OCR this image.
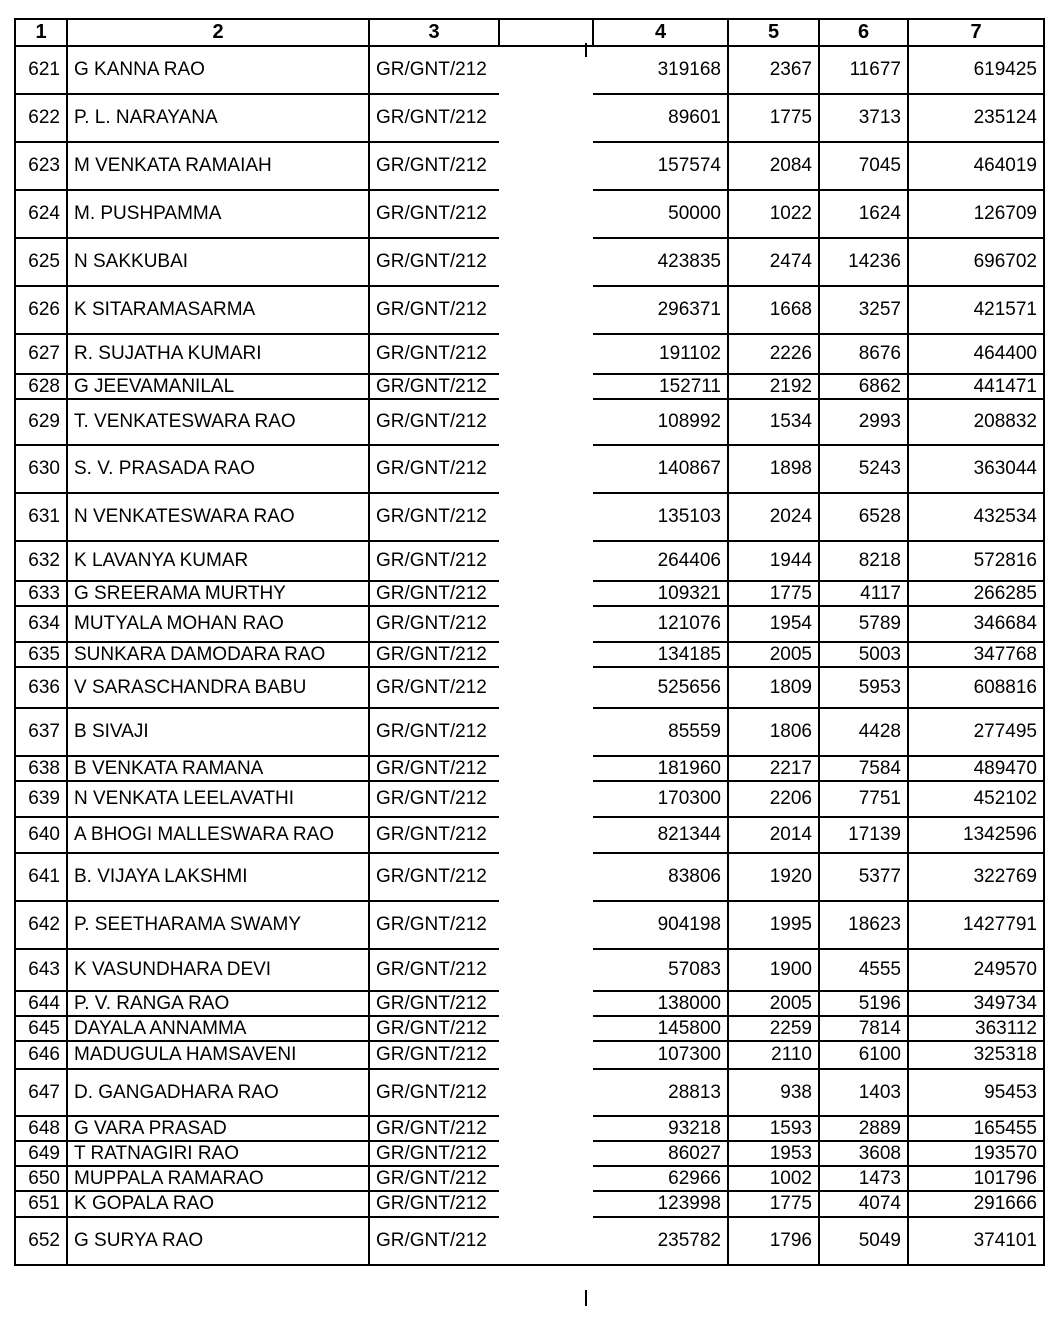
1	2	3		4	5	6	7
621	G KANNA RAO	GR/GNT/212		319168	2367	11677	619425
622	P. L. NARAYANA	GR/GNT/212		89601	1775	3713	235124
623	M VENKATA RAMAIAH	GR/GNT/212		157574	2084	7045	464019
624	M. PUSHPAMMA	GR/GNT/212		50000	1022	1624	126709
625	N SAKKUBAI	GR/GNT/212		423835	2474	14236	696702
626	K SITARAMASARMA	GR/GNT/212		296371	1668	3257	421571
627	R. SUJATHA KUMARI	GR/GNT/212		191102	2226	8676	464400
628	G JEEVAMANILAL	GR/GNT/212		152711	2192	6862	441471
629	T. VENKATESWARA RAO	GR/GNT/212		108992	1534	2993	208832
630	S. V. PRASADA RAO	GR/GNT/212		140867	1898	5243	363044
631	N VENKATESWARA RAO	GR/GNT/212		135103	2024	6528	432534
632	K LAVANYA KUMAR	GR/GNT/212		264406	1944	8218	572816
633	G SREERAMA MURTHY	GR/GNT/212		109321	1775	4117	266285
634	MUTYALA MOHAN RAO	GR/GNT/212		121076	1954	5789	346684
635	SUNKARA DAMODARA RAO	GR/GNT/212		134185	2005	5003	347768
636	V SARASCHANDRA BABU	GR/GNT/212		525656	1809	5953	608816
637	B SIVAJI	GR/GNT/212		85559	1806	4428	277495
638	B VENKATA RAMANA	GR/GNT/212		181960	2217	7584	489470
639	N VENKATA LEELAVATHI	GR/GNT/212		170300	2206	7751	452102
640	A BHOGI MALLESWARA RAO	GR/GNT/212		821344	2014	17139	1342596
641	B. VIJAYA LAKSHMI	GR/GNT/212		83806	1920	5377	322769
642	P. SEETHARAMA SWAMY	GR/GNT/212		904198	1995	18623	1427791
643	K VASUNDHARA DEVI	GR/GNT/212		57083	1900	4555	249570
644	P. V. RANGA RAO	GR/GNT/212		138000	2005	5196	349734
645	DAYALA ANNAMMA	GR/GNT/212		145800	2259	7814	363112
646	MADUGULA HAMSAVENI	GR/GNT/212		107300	2110	6100	325318
647	D. GANGADHARA RAO	GR/GNT/212		28813	938	1403	95453
648	G VARA PRASAD	GR/GNT/212		93218	1593	2889	165455
649	T RATNAGIRI RAO	GR/GNT/212		86027	1953	3608	193570
650	MUPPALA RAMARAO	GR/GNT/212		62966	1002	1473	101796
651	K GOPALA RAO	GR/GNT/212		123998	1775	4074	291666
652	G SURYA RAO	GR/GNT/212		235782	1796	5049	374101
